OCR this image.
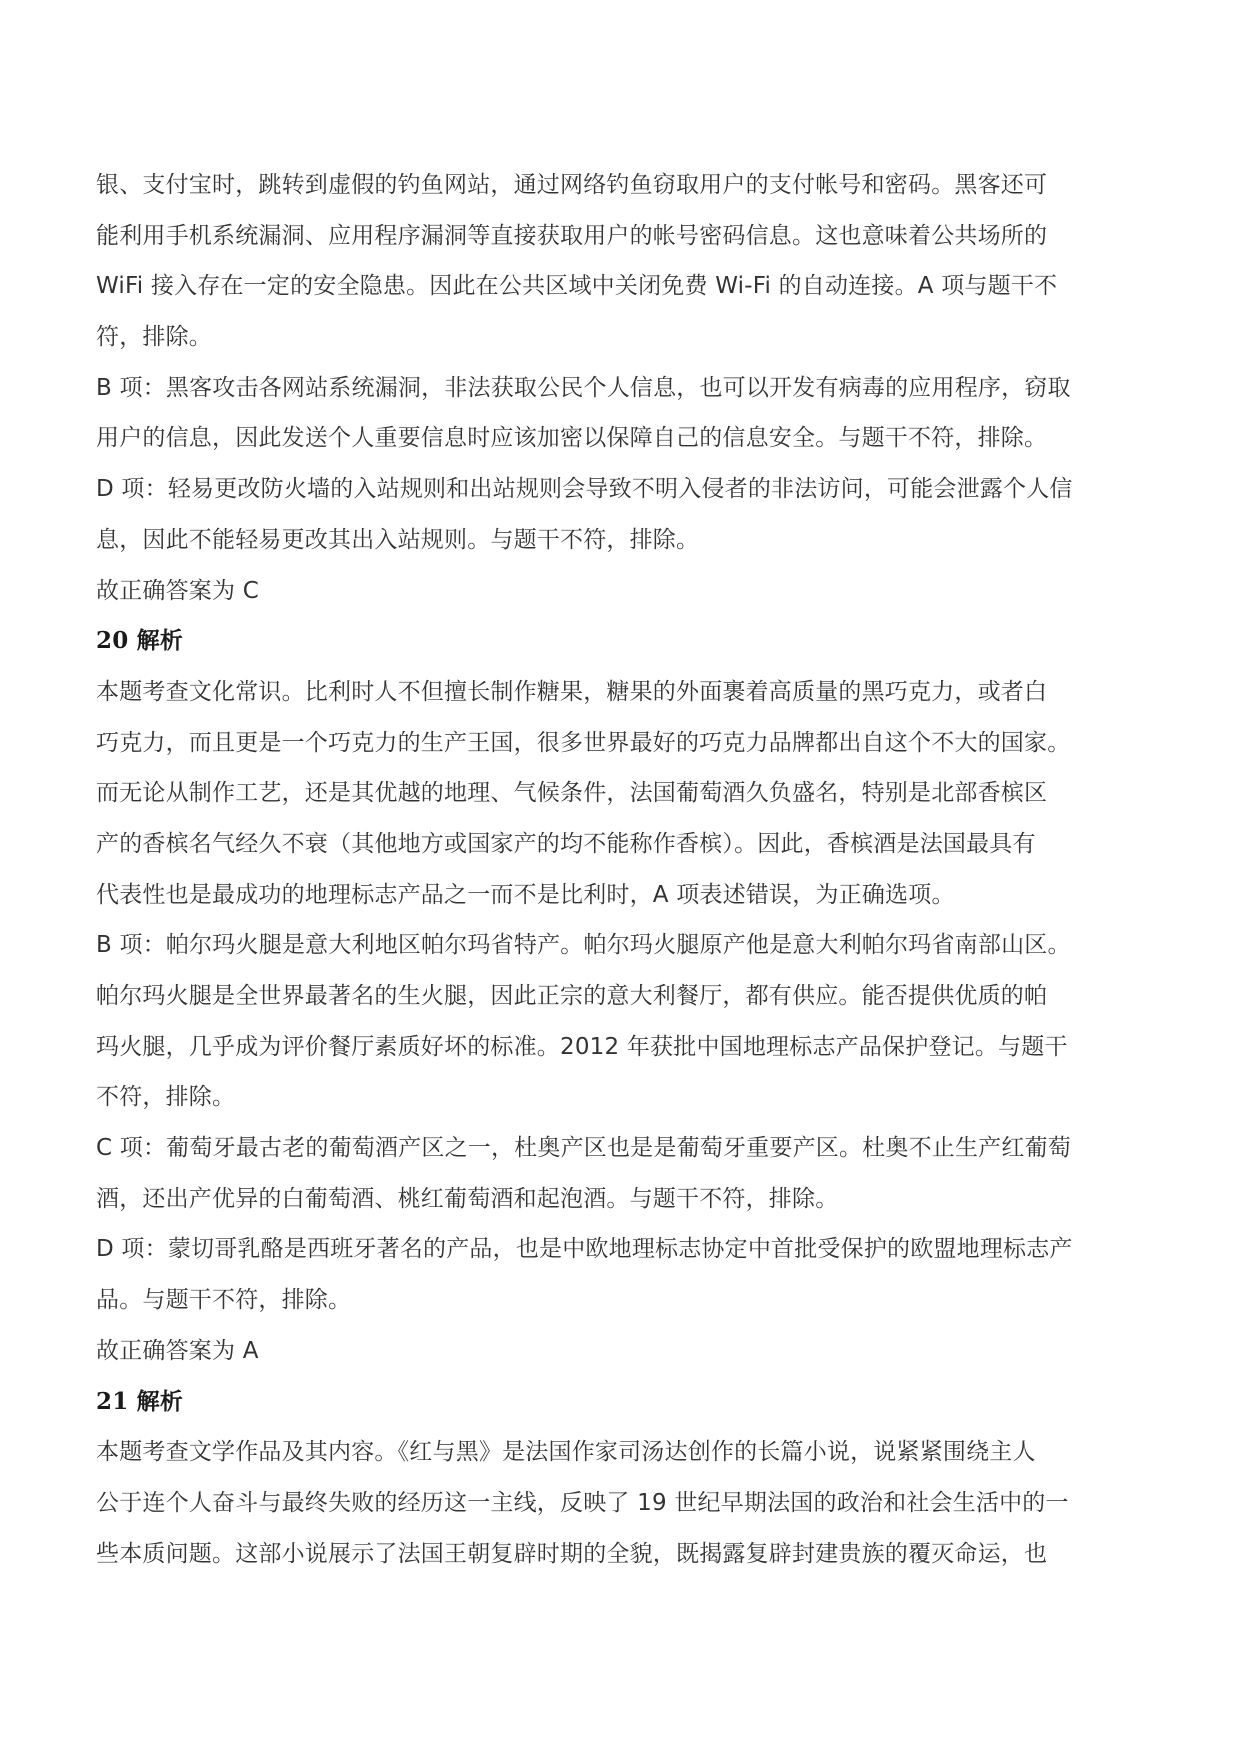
银、支付宝时，跳转到虚假的钓鱼网站，通过网络钓鱼窃取用户的支付帐号和密码。黑客还可
能利用手机系统漏洞、应用程序漏洞等直接获取用户的帐号密码信息。这也意味着公共场所的
WiFi 接入存在一定的安全隐患。因此在公共区域中关闭免费 Wi-Fi 的自动连接。A 项与题干不
符，排除。
B 项：黑客攻击各网站系统漏洞，非法获取公民个人信息，也可以开发有病毒的应用程序，窃取
用户的信息，因此发送个人重要信息时应该加密以保障自己的信息安全。与题干不符，排除。
D 项：轻易更改防火墙的入站规则和出站规则会导致不明入侵者的非法访问，可能会泄露个人信
息，因此不能轻易更改其出入站规则。与题干不符，排除。
故正确答案为 C
20 解析
本题考查文化常识。比利时人不但擅长制作糖果，糖果的外面裹着高质量的黑巧克力，或者白
巧克力，而且更是一个巧克力的生产王国，很多世界最好的巧克力品牌都出自这个不大的国家。
而无论从制作工艺，还是其优越的地理、气候条件，法国葡萄酒久负盛名，特别是北部香槟区
产的香槟名气经久不衰（其他地方或国家产的均不能称作香槟）。因此，香槟酒是法国最具有
代表性也是最成功的地理标志产品之一而不是比利时，A 项表述错误，为正确选项。
B 项：帕尔玛火腿是意大利地区帕尔玛省特产。帕尔玛火腿原产他是意大利帕尔玛省南部山区。
帕尔玛火腿是全世界最著名的生火腿，因此正宗的意大利餐厅，都有供应。能否提供优质的帕
玛火腿，几乎成为评价餐厅素质好坏的标准。2012 年获批中国地理标志产品保护登记。与题干
不符，排除。
C 项：葡萄牙最古老的葡萄酒产区之一，杜奥产区也是是葡萄牙重要产区。杜奥不止生产红葡萄
酒，还出产优异的白葡萄酒、桃红葡萄酒和起泡酒。与题干不符，排除。
D 项：蒙切哥乳酪是西班牙著名的产品，也是中欧地理标志协定中首批受保护的欧盟地理标志产
品。与题干不符，排除。
故正确答案为 A
21 解析
本题考查文学作品及其内容。《红与黑》是法国作家司汤达创作的长篇小说，说紧紧围绕主人
公于连个人奋斗与最终失败的经历这一主线，反映了 19 世纪早期法国的政治和社会生活中的一
些本质问题。这部小说展示了法国王朝复辟时期的全貌，既揭露复辟封建贵族的覆灭命运，也
